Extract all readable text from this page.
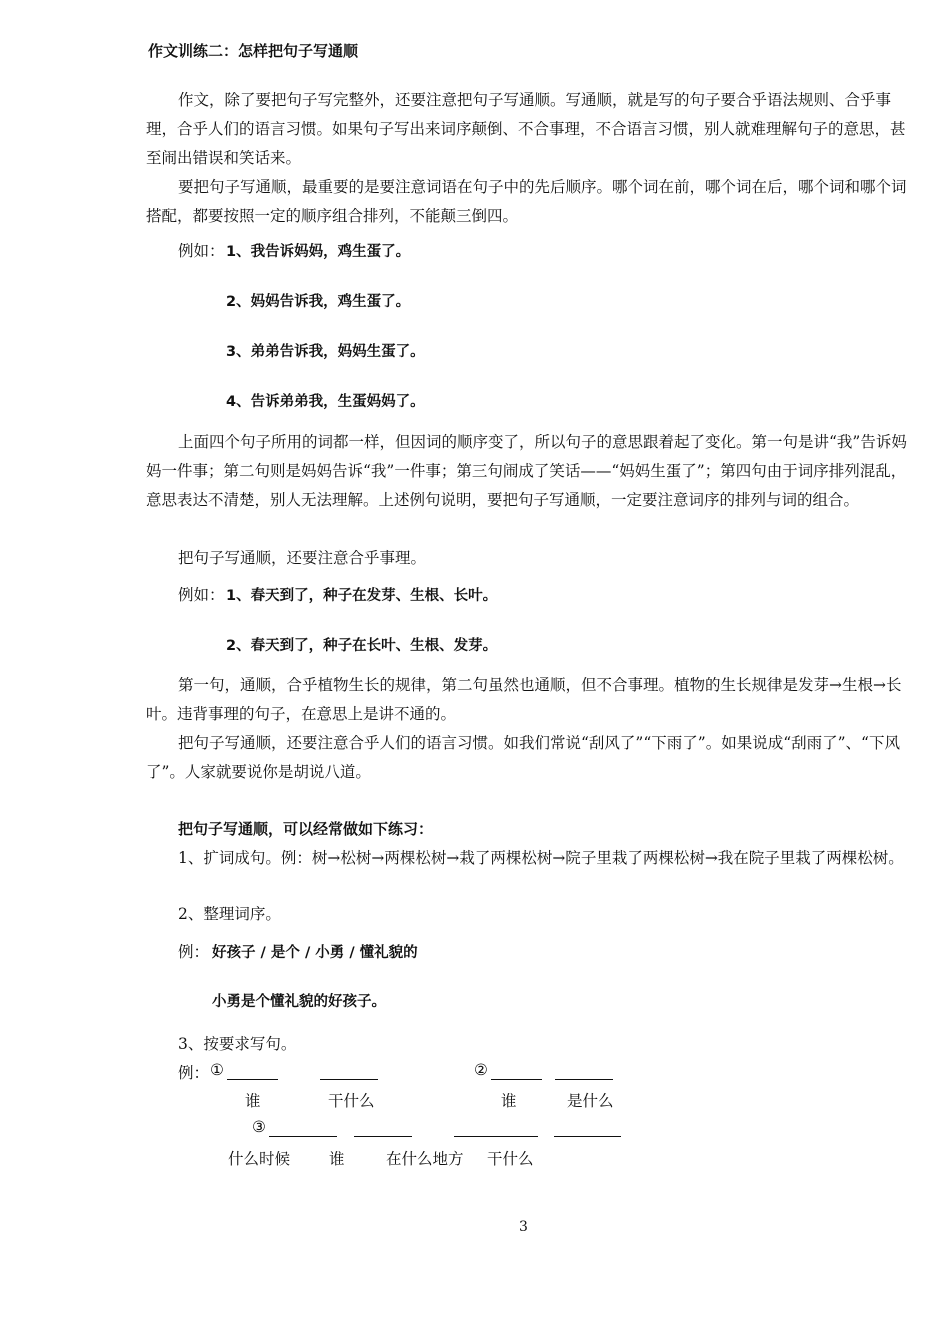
作文训练二：怎样把句子写通顺

作文，除了要把句子写完整外，还要注意把句子写通顺。写通顺，就是写的句子要合乎语法规则、合乎事理，合乎人们的语言习惯。如果句子写出来词序颠倒、不合事理，不合语言习惯，别人就难理解句子的意思，甚至闹出错误和笑话来。

要把句子写通顺，最重要的是要注意词语在句子中的先后顺序。哪个词在前，哪个词在后，哪个词和哪个词搭配，都要按照一定的顺序组合排列，不能颠三倒四。

例如： 1、我告诉妈妈，鸡生蛋了。
2、妈妈告诉我，鸡生蛋了。
3、弟弟告诉我，妈妈生蛋了。
4、告诉弟弟我，生蛋妈妈了。

上面四个句子所用的词都一样，但因词的顺序变了，所以句子的意思跟着起了变化。第一句是讲“我”告诉妈妈一件事；第二句则是妈妈告诉“我”一件事；第三句闹成了笑话——“妈妈生蛋了”；第四句由于词序排列混乱，意思表达不清楚，别人无法理解。上述例句说明，要把句子写通顺，一定要注意词序的排列与词的组合。

把句子写通顺，还要注意合乎事理。

例如： 1、春天到了，种子在发芽、生根、长叶。
2、春天到了，种子在长叶、生根、发芽。

第一句，通顺，合乎植物生长的规律，第二句虽然也通顺，但不合事理。植物的生长规律是发芽→生根→长叶。违背事理的句子，在意思上是讲不通的。

把句子写通顺，还要注意合乎人们的语言习惯。如我们常说“刮风了”“下雨了”。如果说成“刮雨了”、“下风了”。人家就要说你是胡说八道。

把句子写通顺，可以经常做如下练习：

1、扩词成句。例：树→松树→两棵松树→栽了两棵松树→院子里栽了两棵松树→我在院子里栽了两棵松树。

2、整理词序。
例： 好孩子 / 是个 / 小勇 / 懂礼貌的
小勇是个懂礼貌的好孩子。
3、按要求写句。
例： ①	②
谁	干什么	谁	是什么
③
什么时候	谁	在什么地方 干什么
3
